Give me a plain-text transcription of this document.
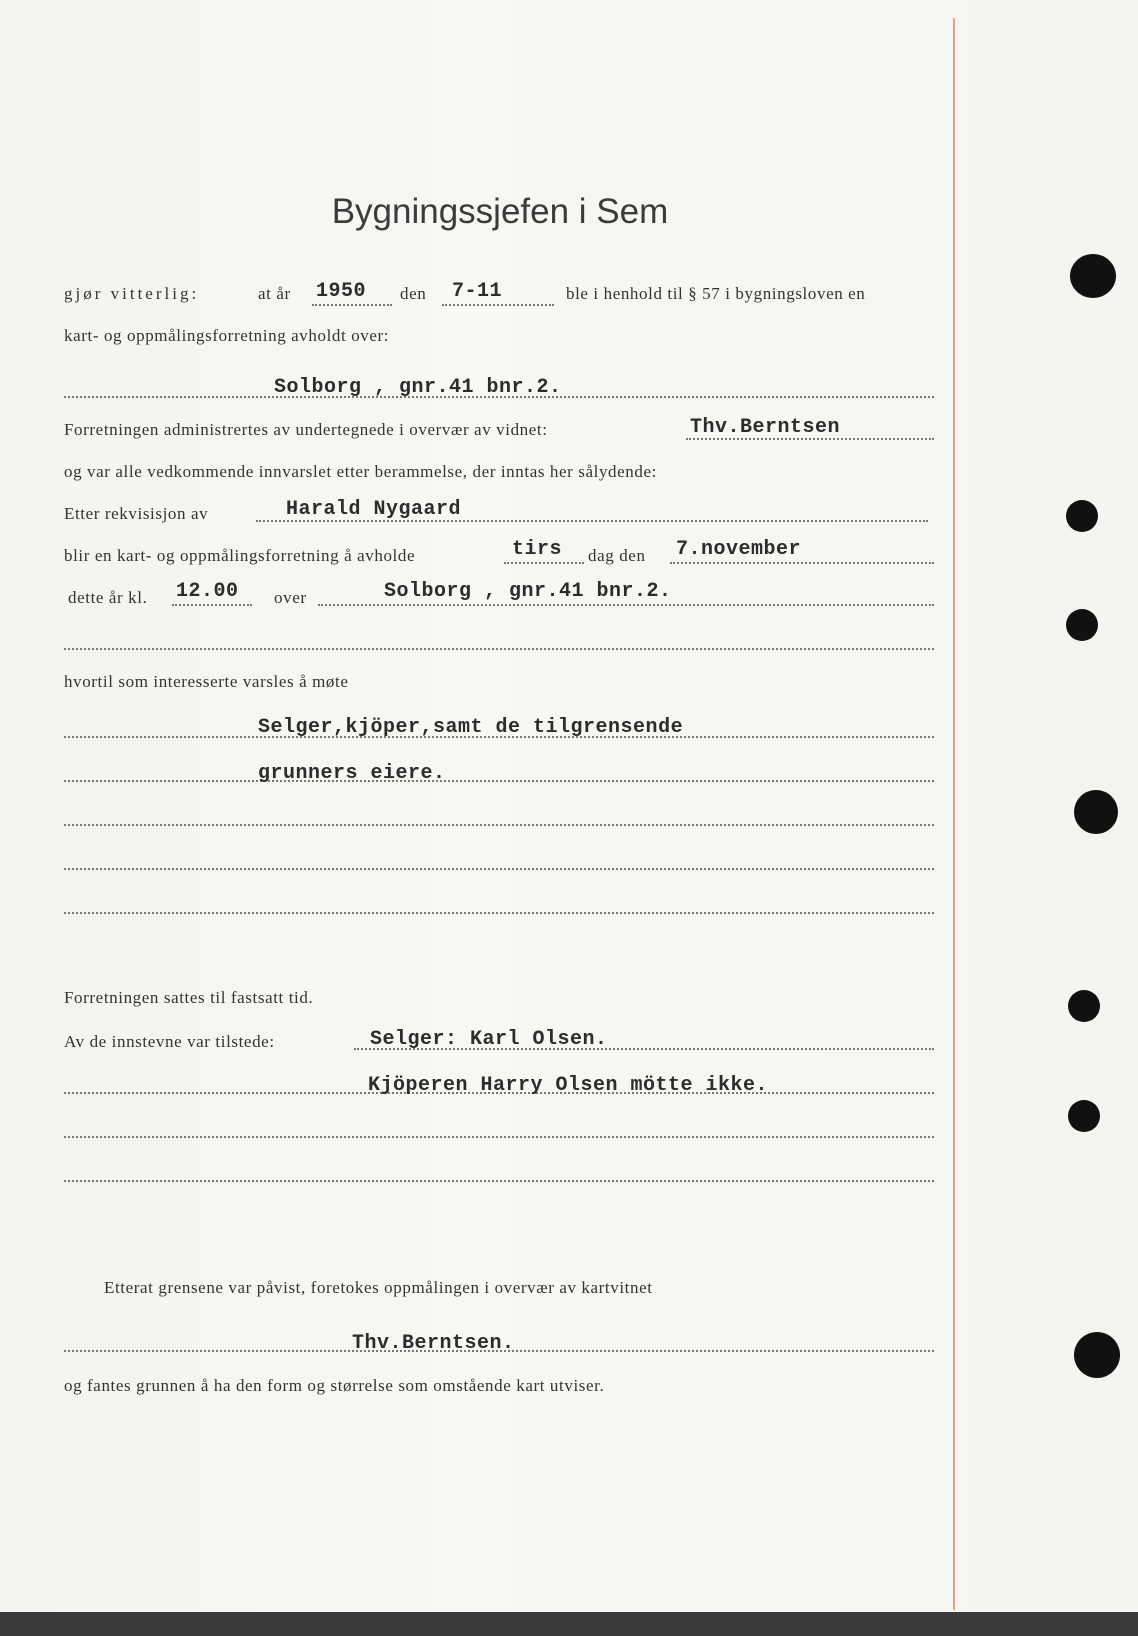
Bygningssjefen i Sem
gjør vitterlig:	at år 1950 den 7-11	ble i henhold til § 57 i bygningsloven en
kart- og oppmålingsforretning avholdt over:
Solborg , gnr.41 bnr.2.
Forretningen administrertes av undertegnede i overvær av vidnet:	Thv.Berntsen
og var alle vedkommende innvarslet etter berammelse, der inntas her sålydende:
Etter rekvisisjon av	Harald Nygaard
blir en kart- og oppmålingsforretning å avholde	tirs dag den 7.november
dette år kl. 12.00 over	Solborg , gnr.41 bnr.2.
hvortil som interesserte varsles å møte
Selger,kjöper,samt de tilgrensende
grunners eiere.
Forretningen sattes til fastsatt tid.
Av de innstevne var tilstede:	Selger: Karl Olsen.
Kjöperen Harry Olsen mötte ikke.
Etterat grensene var påvist, foretokes oppmålingen i overvær av kartvitnet
Thv.Berntsen.
og fantes grunnen å ha den form og størrelse som omstående kart utviser.
